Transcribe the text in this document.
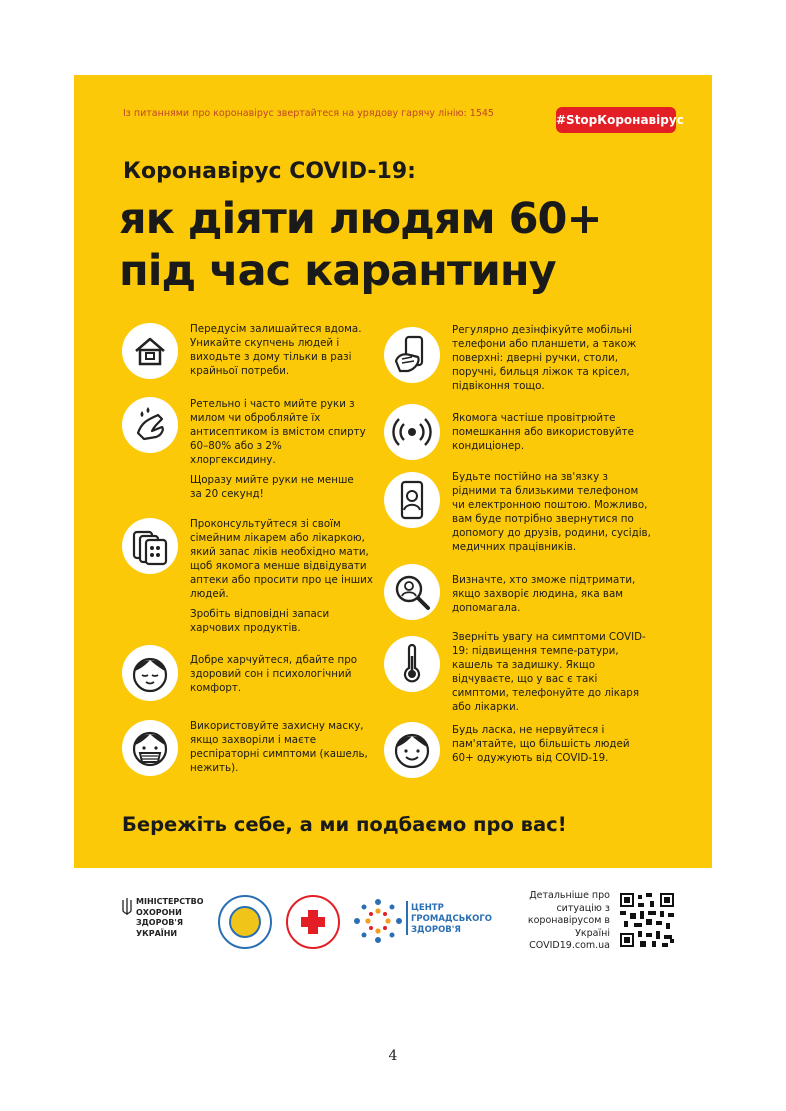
Із питаннями про коронавірус звертайтеся на урядову гарячу лінію: 1545	#StopКоронавірус
Коронавірус COVID-19:
як діяти людям 60+
під час карантину

Передусім залишайтеся вдома. Уникайте скупчень людей і виходьте з дому тільки в разі крайньої потреби.

Ретельно і часто мийте руки з милом чи обробляйте їх антисептиком із вмістом спирту 60–80% або з 2% хлоргексидину.

Щоразу мийте руки не менше за 20 секунд!

Проконсультуйтеся зі своїм сімейним лікарем або лікаркою, який запас ліків необхідно мати, щоб якомога менше відвідувати аптеки або просити про це інших людей.

Зробіть відповідні запаси харчових продуктів.

Добре харчуйтеся, дбайте про здоровий сон і психологічний комфорт.

Використовуйте захисну маску, якщо захворіли і маєте респіраторні симптоми (кашель, нежить).

Регулярно дезінфікуйте мобільні телефони або планшети, а також поверхні: дверні ручки, столи, поручні, бильця ліжок та крісел, підвіконня тощо.

Якомога частіше провітрюйте помешкання або використовуйте кондиціонер.

Будьте постійно на зв'язку з рідними та близькими телефоном чи електронною поштою. Можливо, вам буде потрібно звернутися по допомогу до друзів, родини, сусідів, медичних працівників.

Визначте, хто зможе підтримати, якщо захворіє людина, яка вам допомагала.

Зверніть увагу на симптоми COVID-19: підвищення темпе-ратури, кашель та задишку. Якщо відчуваєте, що у вас є такі симптоми, телефонуйте до лікаря або лікарки.

Будь ласка, не нервуйтеся і пам'ятайте, що більшість людей 60+ одужують від COVID-19.

Бережіть себе, а ми подбаємо про вас!
МІНІСТЕРСТВО ОХОРОНИ ЗДОРОВ'Я УКРАЇНИ
ЦЕНТР ГРОМАДСЬКОГО ЗДОРОВ'Я
Детальніше про ситуацію з коронавірусом в Україні COVID19.com.ua
4
